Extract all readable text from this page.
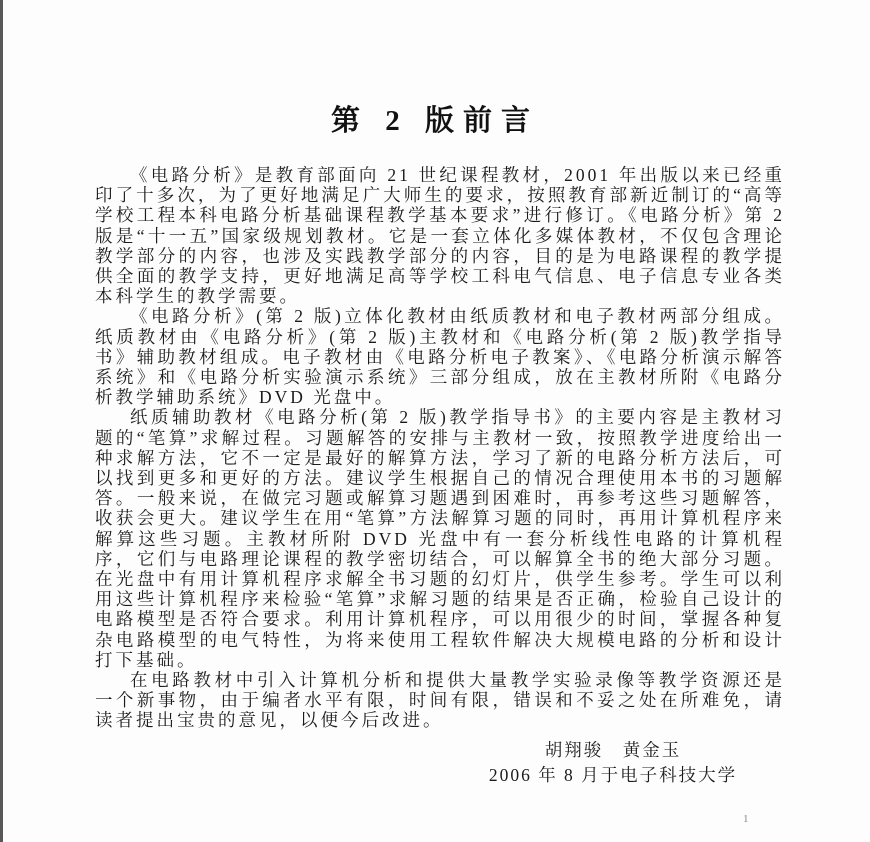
第 2 版前言

《电路分析》是教育部面向 21 世纪课程教材，2001 年出版以来已经重印了十多次，为了更好地满足广大师生的要求，按照教育部新近制订的“高等学校工程本科电路分析基础课程教学基本要求”进行修订。《电路分析》第 2 版是“十一五”国家级规划教材。它是一套立体化多媒体教材，不仅包含理论教学部分的内容，也涉及实践教学部分的内容，目的是为电路课程的教学提供全面的教学支持，更好地满足高等学校工科电气信息、电子信息专业各类本科学生的教学需要。

《电路分析》(第 2 版)立体化教材由纸质教材和电子教材两部分组成。纸质教材由《电路分析》(第 2 版)主教材和《电路分析(第 2 版)教学指导书》辅助教材组成。电子教材由《电路分析电子教案》、《电路分析演示解答系统》和《电路分析实验演示系统》三部分组成，放在主教材所附《电路分析教学辅助系统》DVD 光盘中。

纸质辅助教材《电路分析(第 2 版)教学指导书》的主要内容是主教材习题的“笔算”求解过程。习题解答的安排与主教材一致，按照教学进度给出一种求解方法，它不一定是最好的解算方法，学习了新的电路分析方法后，可以找到更多和更好的方法。建议学生根据自己的情况合理使用本书的习题解答。一般来说，在做完习题或解算习题遇到困难时，再参考这些习题解答，收获会更大。建议学生在用“笔算”方法解算习题的同时，再用计算机程序来解算这些习题。主教材所附 DVD 光盘中有一套分析线性电路的计算机程序，它们与电路理论课程的教学密切结合，可以解算全书的绝大部分习题。在光盘中有用计算机程序求解全书习题的幻灯片，供学生参考。学生可以利用这些计算机程序来检验“笔算”求解习题的结果是否正确，检验自己设计的电路模型是否符合要求。利用计算机程序，可以用很少的时间，掌握各种复杂电路模型的电气特性，为将来使用工程软件解决大规模电路的分析和设计打下基础。

在电路教材中引入计算机分析和提供大量教学实验录像等教学资源还是一个新事物，由于编者水平有限，时间有限，错误和不妥之处在所难免，请读者提出宝贵的意见，以便今后改进。

胡翔骏　黄金玉
2006 年 8 月于电子科技大学
1
